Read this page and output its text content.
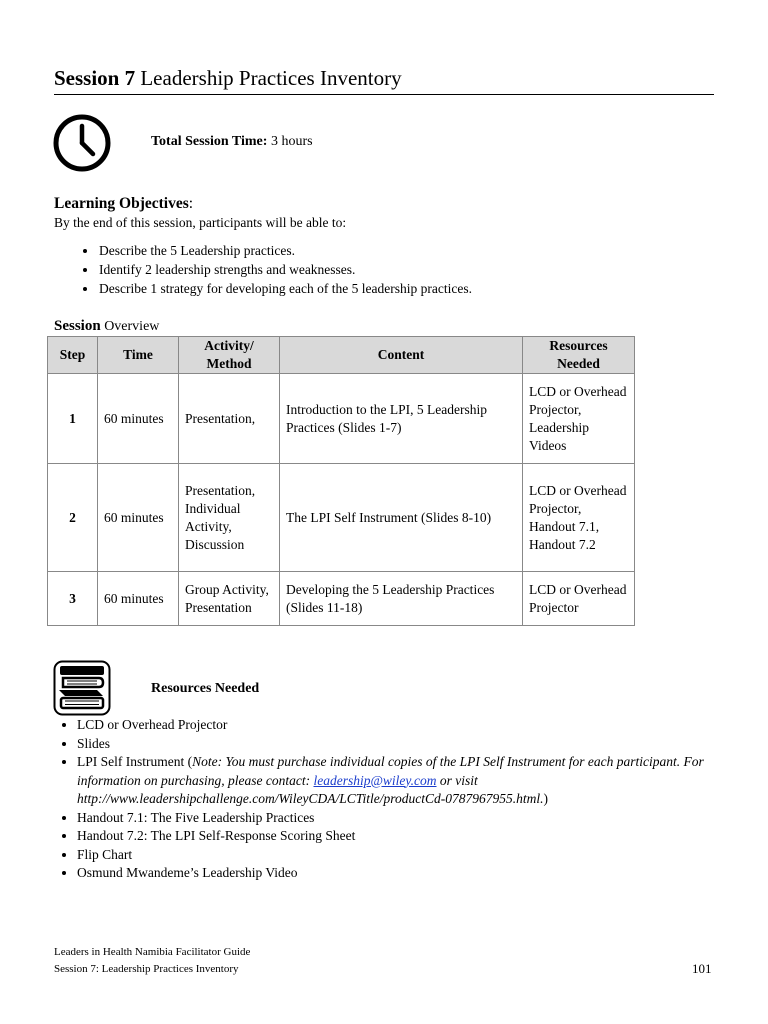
Session 7 Leadership Practices Inventory
Total Session Time: 3 hours
Learning Objectives:
By the end of this session, participants will be able to:
• Describe the 5 Leadership practices.
• Identify 2 leadership strengths and weaknesses.
• Describe 1 strategy for developing each of the 5 leadership practices.
Session Overview
Step	Time	Activity/ Method	Content	Resources Needed
1	60 minutes	Presentation,	Introduction to the LPI, 5 Leadership Practices (Slides 1-7)	LCD or Overhead Projector, Leadership Videos
2	60 minutes	Presentation, Individual Activity, Discussion	The LPI Self Instrument (Slides 8-10)	LCD or Overhead Projector, Handout 7.1, Handout 7.2
3	60 minutes	Group Activity, Presentation	Developing the 5 Leadership Practices (Slides 11-18)	LCD or Overhead Projector
Resources Needed
• LCD or Overhead Projector
• Slides
• LPI Self Instrument (Note: You must purchase individual copies of the LPI Self Instrument for each participant. For information on purchasing, please contact: leadership@wiley.com or visit http://www.leadershipchallenge.com/WileyCDA/LCTitle/productCd-0787967955.html.)
• Handout 7.1: The Five Leadership Practices
• Handout 7.2: The LPI Self-Response Scoring Sheet
• Flip Chart
• Osmund Mwandeme’s Leadership Video
Leaders in Health Namibia Facilitator Guide
Session 7: Leadership Practices Inventory	101
